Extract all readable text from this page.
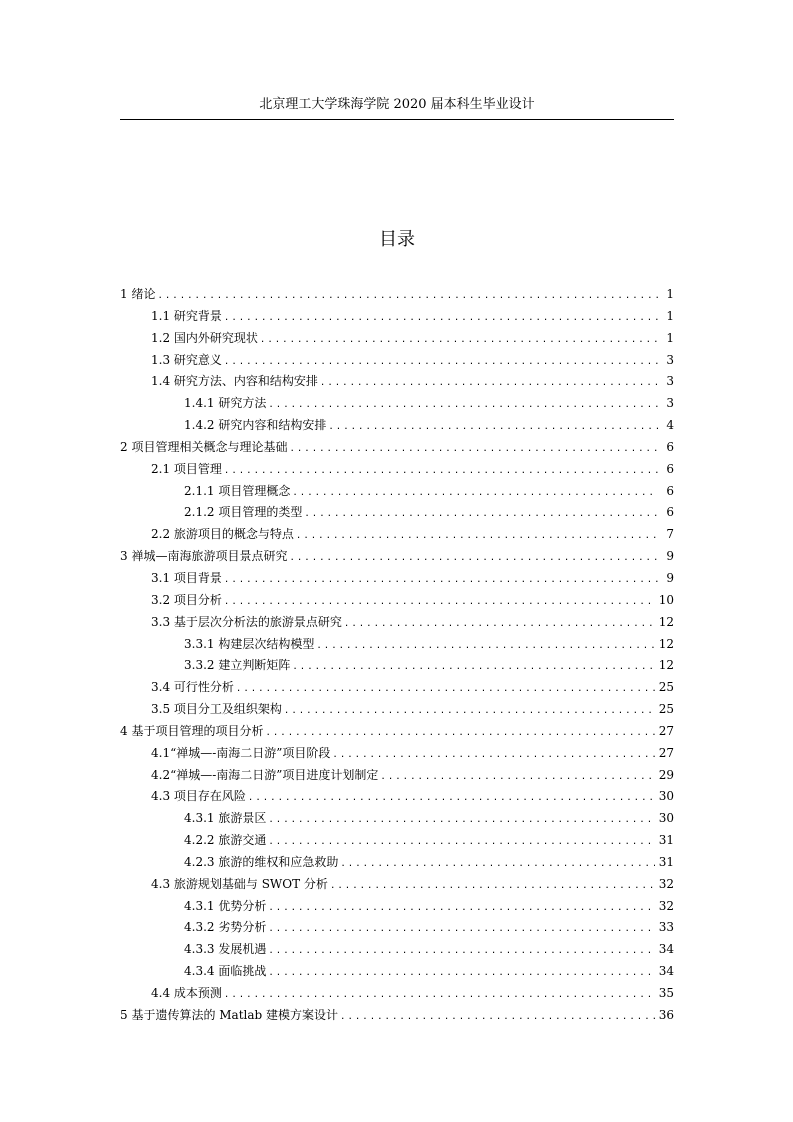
北京理工大学珠海学院 2020 届本科生毕业设计
目录
1 绪论 .....	1
1.1 研究背景 .....	1
1.2 国内外研究现状 .....	1
1.3 研究意义 .....	3
1.4 研究方法、内容和结构安排 .....	3
1.4.1 研究方法 .....	3
1.4.2 研究内容和结构安排 .....	4
2 项目管理相关概念与理论基础 .....	6
2.1 项目管理 .....	6
2.1.1 项目管理概念 .....	6
2.1.2 项目管理的类型 .....	6
2.2 旅游项目的概念与特点 .....	7
3 禅城—南海旅游项目景点研究 .....	9
3.1 项目背景 .....	9
3.2 项目分析 .....	10
3.3 基于层次分析法的旅游景点研究 .....	12
3.3.1 构建层次结构模型 .....	12
3.3.2 建立判断矩阵 .....	12
3.4 可行性分析 .....	25
3.5 项目分工及组织架构 .....	25
4 基于项目管理的项目分析 .....	27
4.1“禅城—-南海二日游”项目阶段 .....	27
4.2“禅城—-南海二日游”项目进度计划制定 .....	29
4.3 项目存在风险 .....	30
4.3.1 旅游景区 .....	30
4.2.2 旅游交通 .....	31
4.2.3 旅游的维权和应急救助 .....	31
4.3 旅游规划基础与 SWOT 分析 .....	32
4.3.1 优势分析 .....	32
4.3.2 劣势分析 .....	33
4.3.3 发展机遇 .....	34
4.3.4 面临挑战 .....	34
4.4 成本预测 .....	35
5 基于遗传算法的 Matlab 建模方案设计 .....	36
